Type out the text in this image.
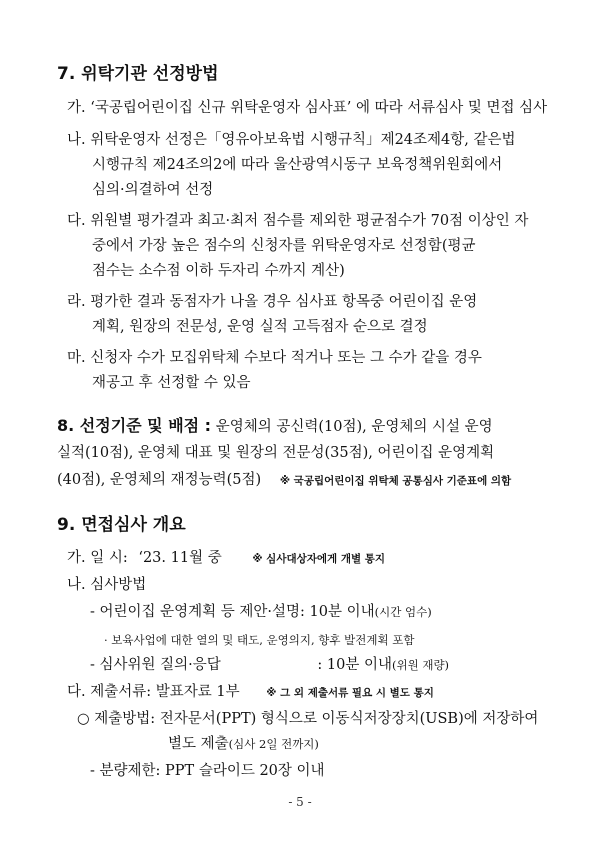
7. 위탁기관 선정방법
가. ‘국공립어린이집 신규 위탁운영자 심사표’ 에 따라 서류심사 및 면접 심사
나. 위탁운영자 선정은「영유아보육법 시행규칙」제24조제4항, 같은법
시행규칙 제24조의2에 따라 울산광역시동구 보육정책위원회에서
심의·의결하여 선정
다. 위원별 평가결과 최고·최저 점수를 제외한 평균점수가 70점 이상인 자
중에서 가장 높은 점수의 신청자를 위탁운영자로 선정함(평균
점수는 소수점 이하 두자리 수까지 계산)
라. 평가한 결과 동점자가 나올 경우 심사표 항목중 어린이집 운영
계획, 원장의 전문성, 운영 실적 고득점자 순으로 결정
마. 신청자 수가 모집위탁체 수보다 적거나 또는 그 수가 같을 경우
재공고 후 선정할 수 있음
8. 선정기준 및 배점 : 운영체의 공신력(10점), 운영체의 시설 운영
실적(10점), 운영체 대표 및 원장의 전문성(35점), 어린이집 운영계획
(40점), 운영체의 재정능력(5점) ※ 국공립어린이집 위탁체 공통심사 기준표에 의함
9. 면접심사 개요
가. 일 시: ‘23. 11월 중	※ 심사대상자에게 개별 통지
나. 심사방법
- 어린이집 운영계획 등 제안·설명: 10분 이내(시간 엄수)
· 보육사업에 대한 열의 및 태도, 운영의지, 향후 발전계획 포함
- 심사위원 질의·응답	: 10분 이내(위원 재량)
다. 제출서류: 발표자료 1부	※ 그 외 제출서류 필요 시 별도 통지
○ 제출방법: 전자문서(PPT) 형식으로 이동식저장장치(USB)에 저장하여
별도 제출(심사 2일 전까지)
- 분량제한: PPT 슬라이드 20장 이내
- 5 -
